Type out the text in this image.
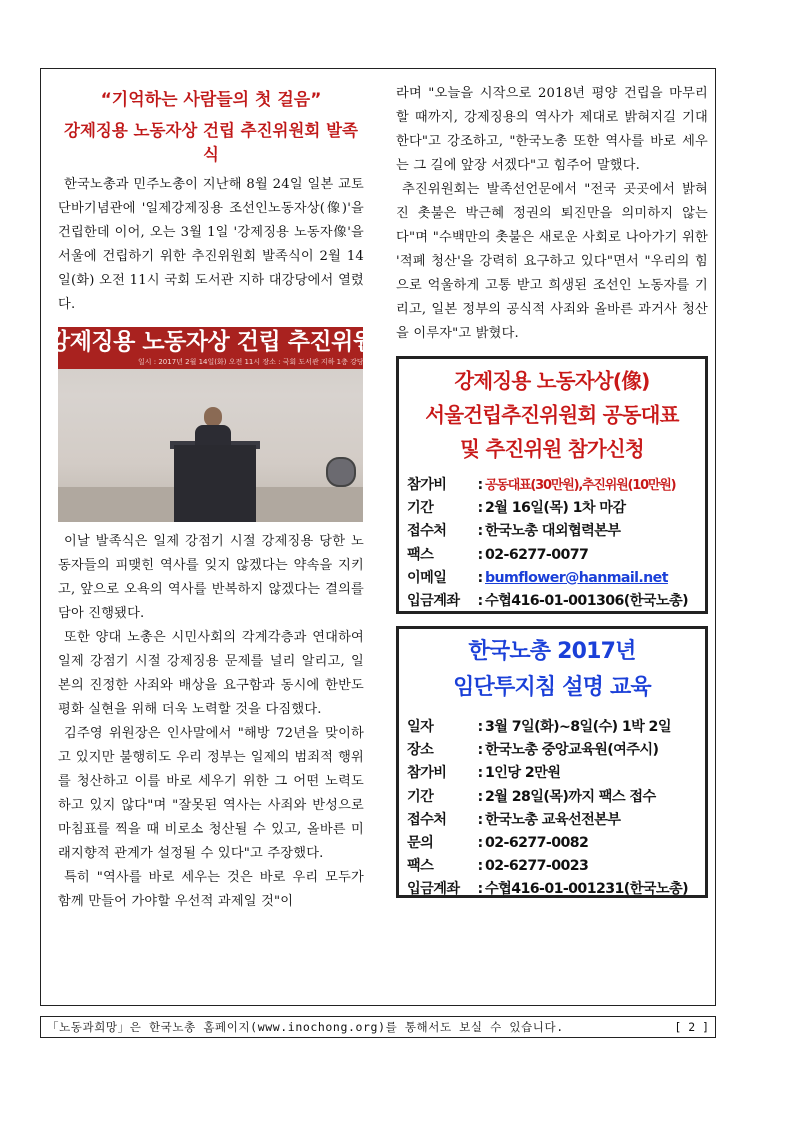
“기억하는 사람들의 첫 걸음”
강제징용 노동자상 건립 추진위원회 발족식

한국노총과 민주노총이 지난해 8월 24일 일본 교토 단바기념관에 '일제강제징용 조선인노동자상(像)'을 건립한데 이어, 오는 3월 1일 '강제징용 노동자像'을 서울에 건립하기 위한 추진위원회 발족식이 2월 14일(화) 오전 11시 국회 도서관 지하 대강당에서 열렸다.

강제징용 노동자상 건립 추진위원회
일시 : 2017년 2월 14일(화) 오전 11시 장소 : 국회 도서관 지하 1층 강당

이날 발족식은 일제 강점기 시절 강제징용 당한 노동자들의 피맺힌 역사를 잊지 않겠다는 약속을 지키고, 앞으로 오욕의 역사를 반복하지 않겠다는 결의를 담아 진행됐다.

또한 양대 노총은 시민사회의 각계각층과 연대하여 일제 강점기 시절 강제징용 문제를 널리 알리고, 일본의 진정한 사죄와 배상을 요구함과 동시에 한반도 평화 실현을 위해 더욱 노력할 것을 다짐했다.

김주영 위원장은 인사말에서 "해방 72년을 맞이하고 있지만 불행히도 우리 정부는 일제의 범죄적 행위를 청산하고 이를 바로 세우기 위한 그 어떤 노력도 하고 있지 않다"며 "잘못된 역사는 사죄와 반성으로 마침표를 찍을 때 비로소 청산될 수 있고, 올바른 미래지향적 관계가 설정될 수 있다"고 주장했다.

특히 "역사를 바로 세우는 것은 바로 우리 모두가 함께 만들어 가야할 우선적 과제일 것"이

라며 "오늘을 시작으로 2018년 평양 건립을 마무리할 때까지, 강제징용의 역사가 제대로 밝혀지길 기대한다"고 강조하고, "한국노총 또한 역사를 바로 세우는 그 길에 앞장 서겠다"고 힘주어 말했다.

추진위원회는 발족선언문에서 "전국 곳곳에서 밝혀진 촛불은 박근혜 정권의 퇴진만을 의미하지 않는다"며 "수백만의 촛불은 새로운 사회로 나아가기 위한 '적폐 청산'을 강력히 요구하고 있다"면서 "우리의 힘으로 억울하게 고통 받고 희생된 조선인 노동자를 기리고, 일본 정부의 공식적 사죄와 올바른 과거사 청산을 이루자"고 밝혔다.

강제징용 노동자상(像)
서울건립추진위원회 공동대표
및 추진위원 참가신청
참가비	: 공동대표(30만원),추진위원(10만원)
기간	: 2월 16일(목) 1차 마감
접수처	: 한국노총 대외협력본부
팩스	: 02-6277-0077
이메일	: bumflower@hanmail.net
입금계좌	: 수협416-01-001306(한국노총)
한국노총 2017년
임단투지침 설명 교육
일자	: 3월 7일(화)~8일(수) 1박 2일
장소	: 한국노총 중앙교육원(여주시)
참가비	: 1인당 2만원
기간	: 2월 28일(목)까지 팩스 접수
접수처	: 한국노총 교육선전본부
문의	: 02-6277-0082
팩스	: 02-6277-0023
입금계좌	: 수협416-01-001231(한국노총)
「노동과희망」은 한국노총 홈페이지(www.inochong.org)를 통해서도 보실 수 있습니다.	[ 2 ]
